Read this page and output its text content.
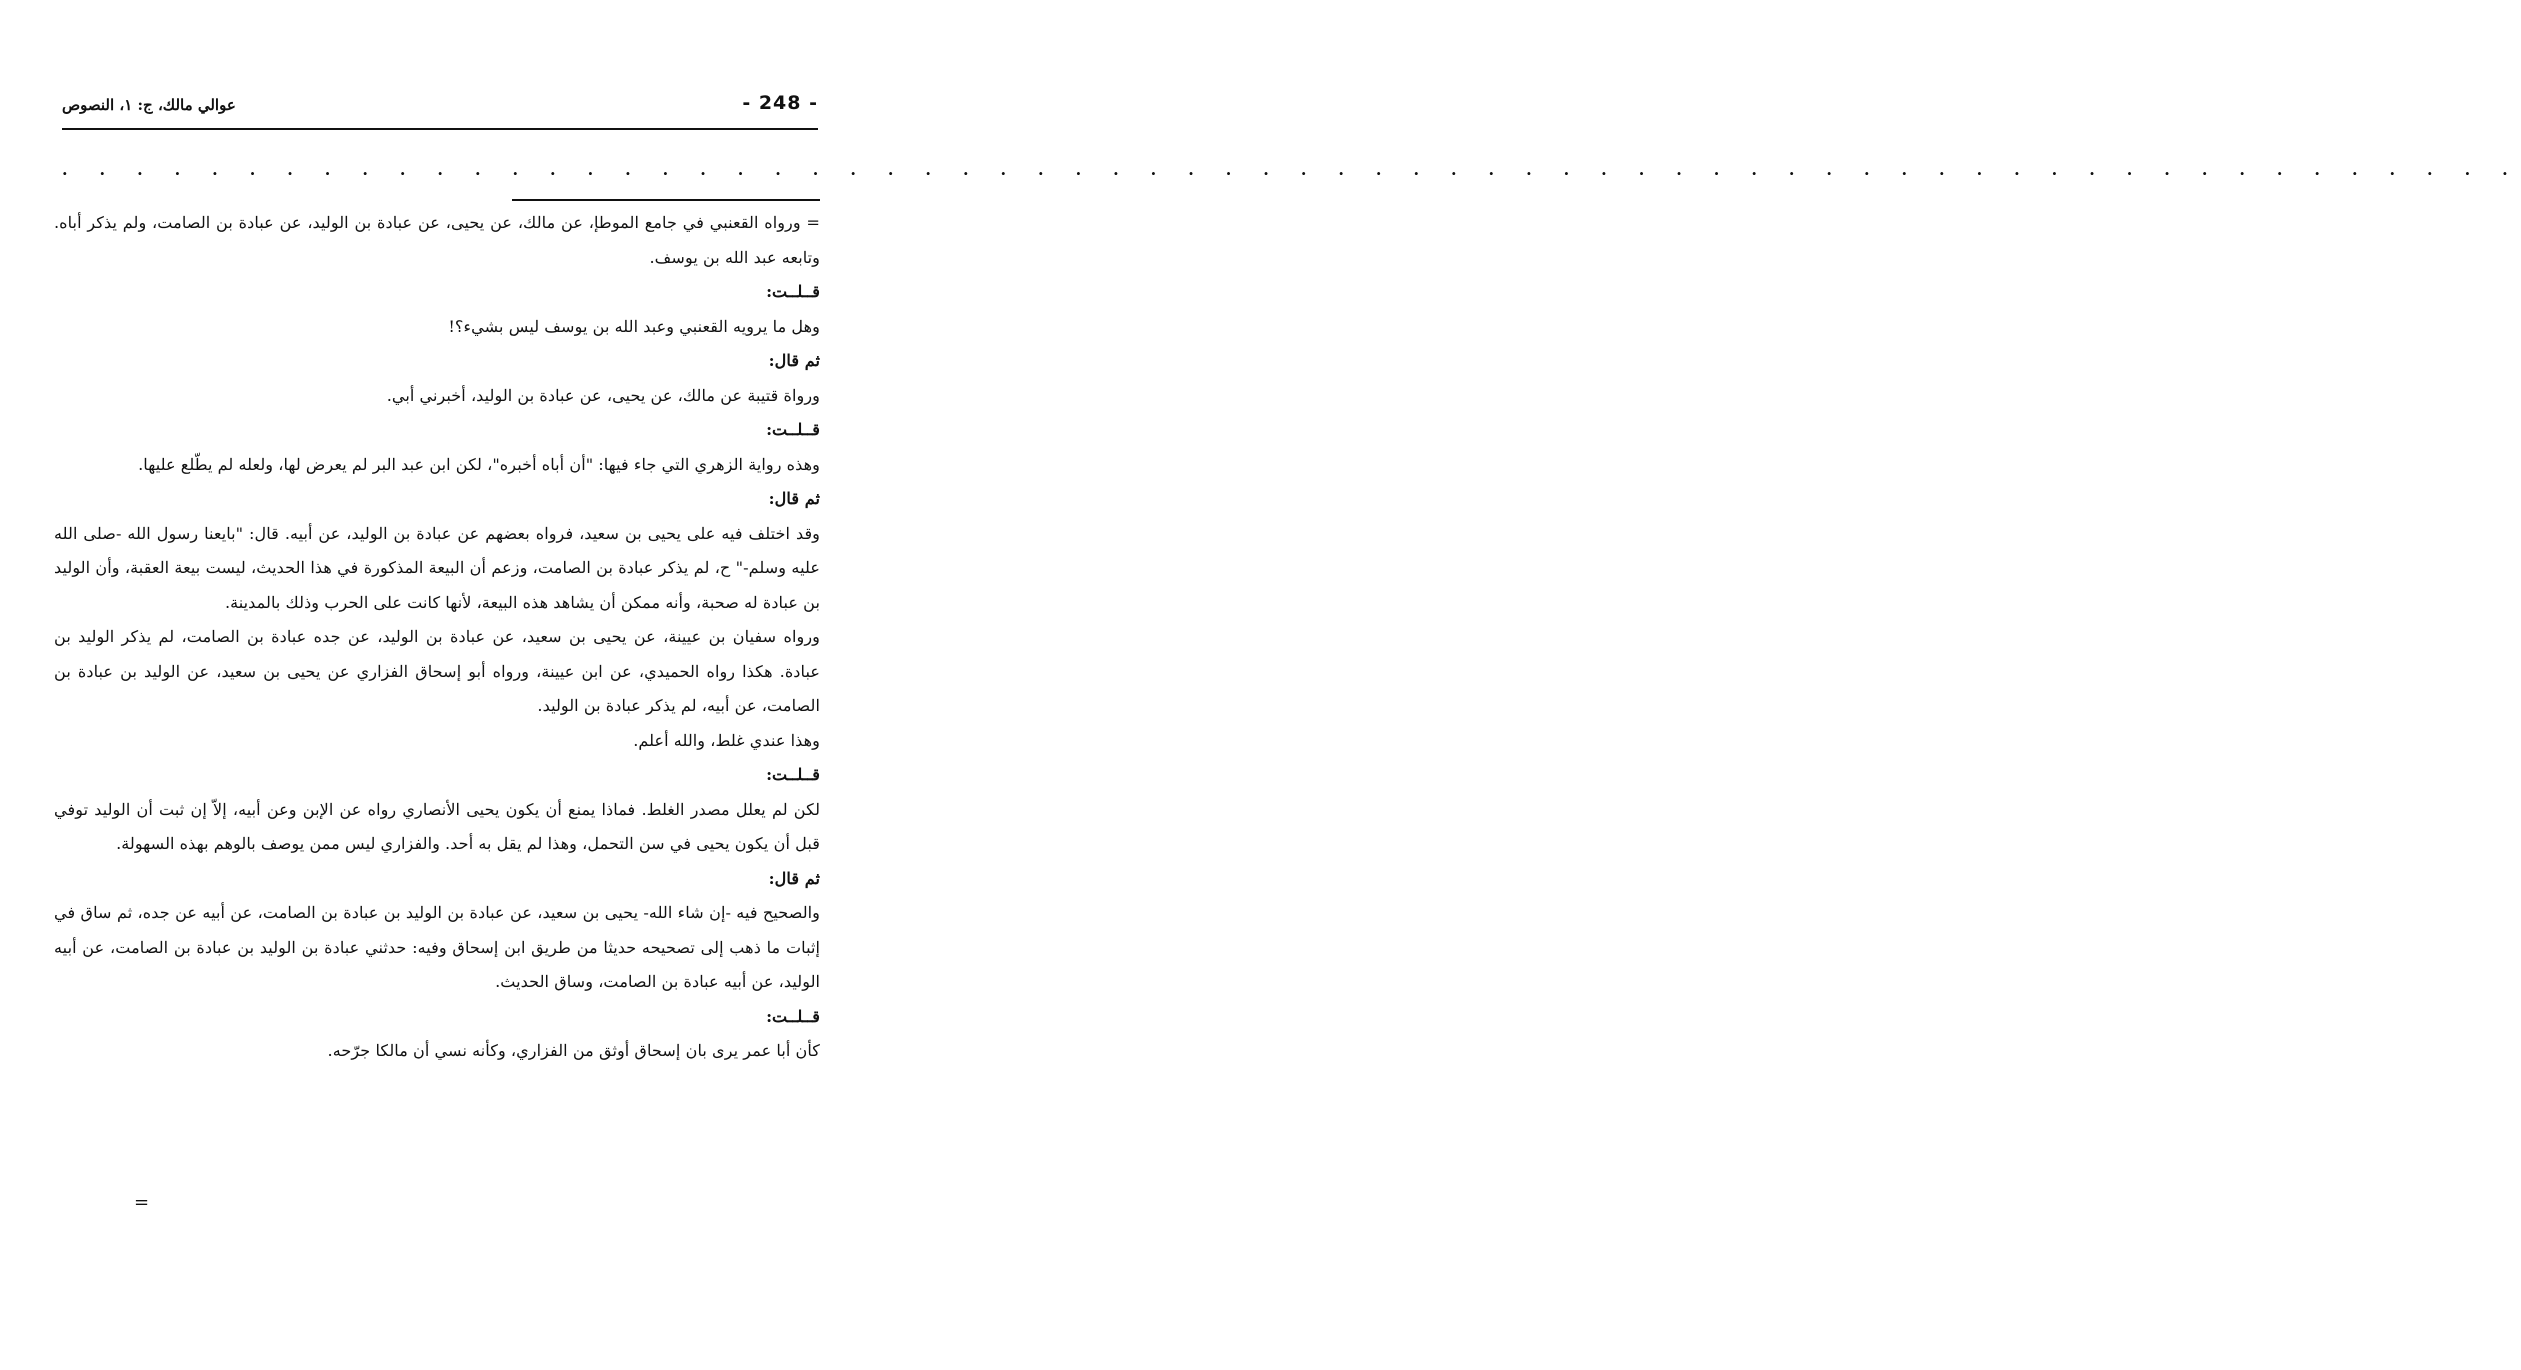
عوالي مالك، ج: ١، النصوص	- 248 -
. . . . . . . . . . . . . . . . . . . . . . . . . . . . . . . . . . . . . . . . . . . . . . . . . . . . . . . . . . . . . . . . . .

= ورواه القعنبي في جامع الموطإ، عن مالك، عن يحيى، عن عبادة بن الوليد، عن عبادة بن الصامت، ولم يذكر أباه. وتابعه عبد الله بن يوسف.

قــلــت:

وهل ما يرويه القعنبي وعبد الله بن يوسف ليس بشيء؟!

ثم قال:

ورواة قتيبة عن مالك، عن يحيى، عن عبادة بن الوليد، أخبرني أبي.

قــلــت:

وهذه رواية الزهري التي جاء فيها: "أن أباه أخبره"، لكن ابن عبد البر لم يعرض لها، ولعله لم يطّلع عليها.

ثم قال:

وقد اختلف فيه على يحيى بن سعيد، فرواه بعضهم عن عبادة بن الوليد، عن أبيه. قال: "بايعنا رسول الله -صلى الله عليه وسلم-" ح، لم يذكر عبادة بن الصامت، وزعم أن البيعة المذكورة في هذا الحديث، ليست بيعة العقبة، وأن الوليد بن عبادة له صحبة، وأنه ممكن أن يشاهد هذه البيعة، لأنها كانت على الحرب وذلك بالمدينة.

ورواه سفيان بن عيينة، عن يحيى بن سعيد، عن عبادة بن الوليد، عن جده عبادة بن الصامت، لم يذكر الوليد بن عبادة. هكذا رواه الحميدي، عن ابن عيينة، ورواه أبو إسحاق الفزاري عن يحيى بن سعيد، عن الوليد بن عبادة بن الصامت، عن أبيه، لم يذكر عبادة بن الوليد.

وهذا عندي غلط، والله أعلم.

قــلــت:

لكن لم يعلل مصدر الغلط. فماذا يمنع أن يكون يحيى الأنصاري رواه عن الإبن وعن أبيه، إلاّ إن ثبت أن الوليد توفي قبل أن يكون يحيى في سن التحمل، وهذا لم يقل به أحد. والفزاري ليس ممن يوصف بالوهم بهذه السهولة.

ثم قال:

والصحيح فيه -إن شاء الله- يحيى بن سعيد، عن عبادة بن الوليد بن عبادة بن الصامت، عن أبيه عن جده، ثم ساق في إثبات ما ذهب إلى تصحيحه حديثا من طريق ابن إسحاق وفيه: حدثني عبادة بن الوليد بن عبادة بن الصامت، عن أبيه الوليد، عن أبيه عبادة بن الصامت، وساق الحديث.

قــلــت:

كأن أبا عمر يرى بان إسحاق أوثق من الفزاري، وكأنه نسي أن مالكا جرّحه.

=
